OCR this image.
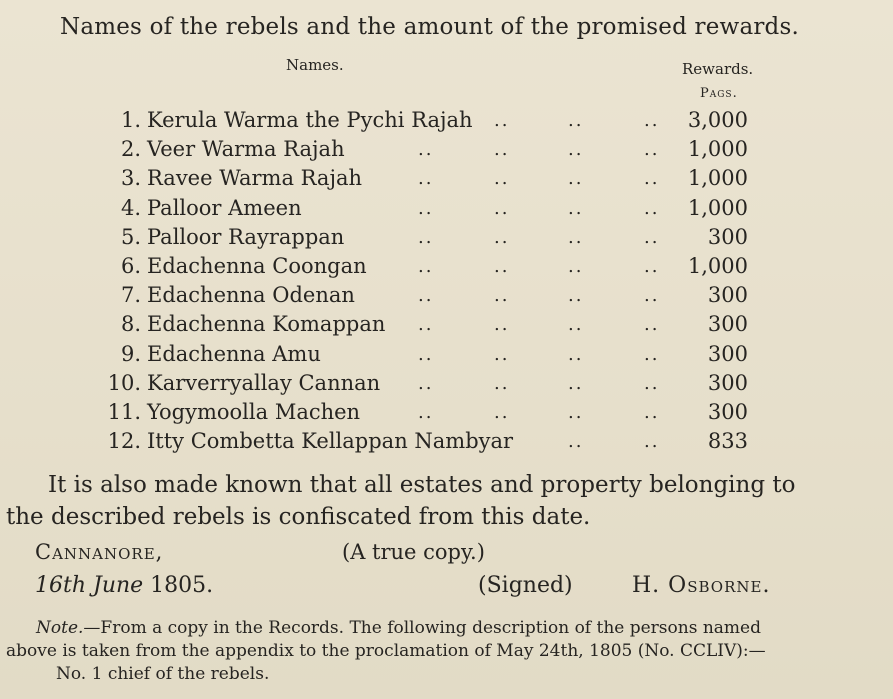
Names of the rebels and the amount of the promised rewards.
Names.	Rewards.
Pags.
1. Kerula Warma the Pychi Rajah ..	..	.. 3,000
2. Veer Warma Rajah	..	..	..	.. 1,000
3. Ravee Warma Rajah	..	..	..	.. 1,000
4. Palloor Ameen	..	..	..	.. 1,000
5. Palloor Rayrappan	..	..	..	.. 300
6. Edachenna Coongan	..	..	..	.. 1,000
7. Edachenna Odenan	..	..	..	.. 300
8. Edachenna Komappan ..	..	..	.. 300
9. Edachenna Amu	..	..	..	.. 300
10. Karverryallay Cannan ..	..	..	.. 300
11. Yogymoolla Machen	..	..	..	.. 300
12. Itty Combetta Kellappan Nambyar	..	.. 833
It is also made known that all estates and property belonging to
the described rebels is confiscated from this date.
Cannanore,	(A true copy.)
16th June 1805.	(Signed)	H. Osborne.
Note.—From a copy in the Records. The following description of the persons named
above is taken from the appendix to the proclamation of May 24th, 1805 (No. CCLIV):—
No. 1 chief of the rebels.
